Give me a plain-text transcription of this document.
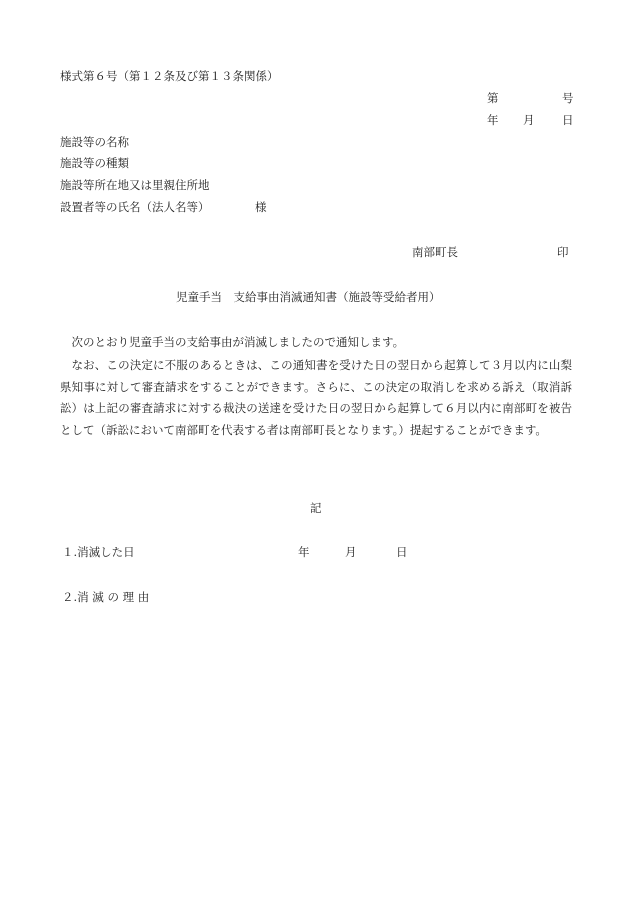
様式第６号（第１２条及び第１３条関係）
第	号
年 月 日
施設等の名称
施設等の種類
施設等所在地又は里親住所地
設置者等の氏名（法人名等）	様
南部町長	印
児童手当　支給事由消滅通知書（施設等受給者用）
次のとおり児童手当の支給事由が消滅しましたので通知します。
なお、この決定に不服のあるときは、この通知書を受けた日の翌日から起算して３月以内に山梨県知事に対して審査請求をすることができます。さらに、この決定の取消しを求める訴え（取消訴訟）は上記の審査請求に対する裁決の送達を受けた日の翌日から起算して６月以内に南部町を被告として（訴訟において南部町を代表する者は南部町長となります。）提起することができます。
記
１.消滅した日	年	月	日
２.消 滅 の 理 由
